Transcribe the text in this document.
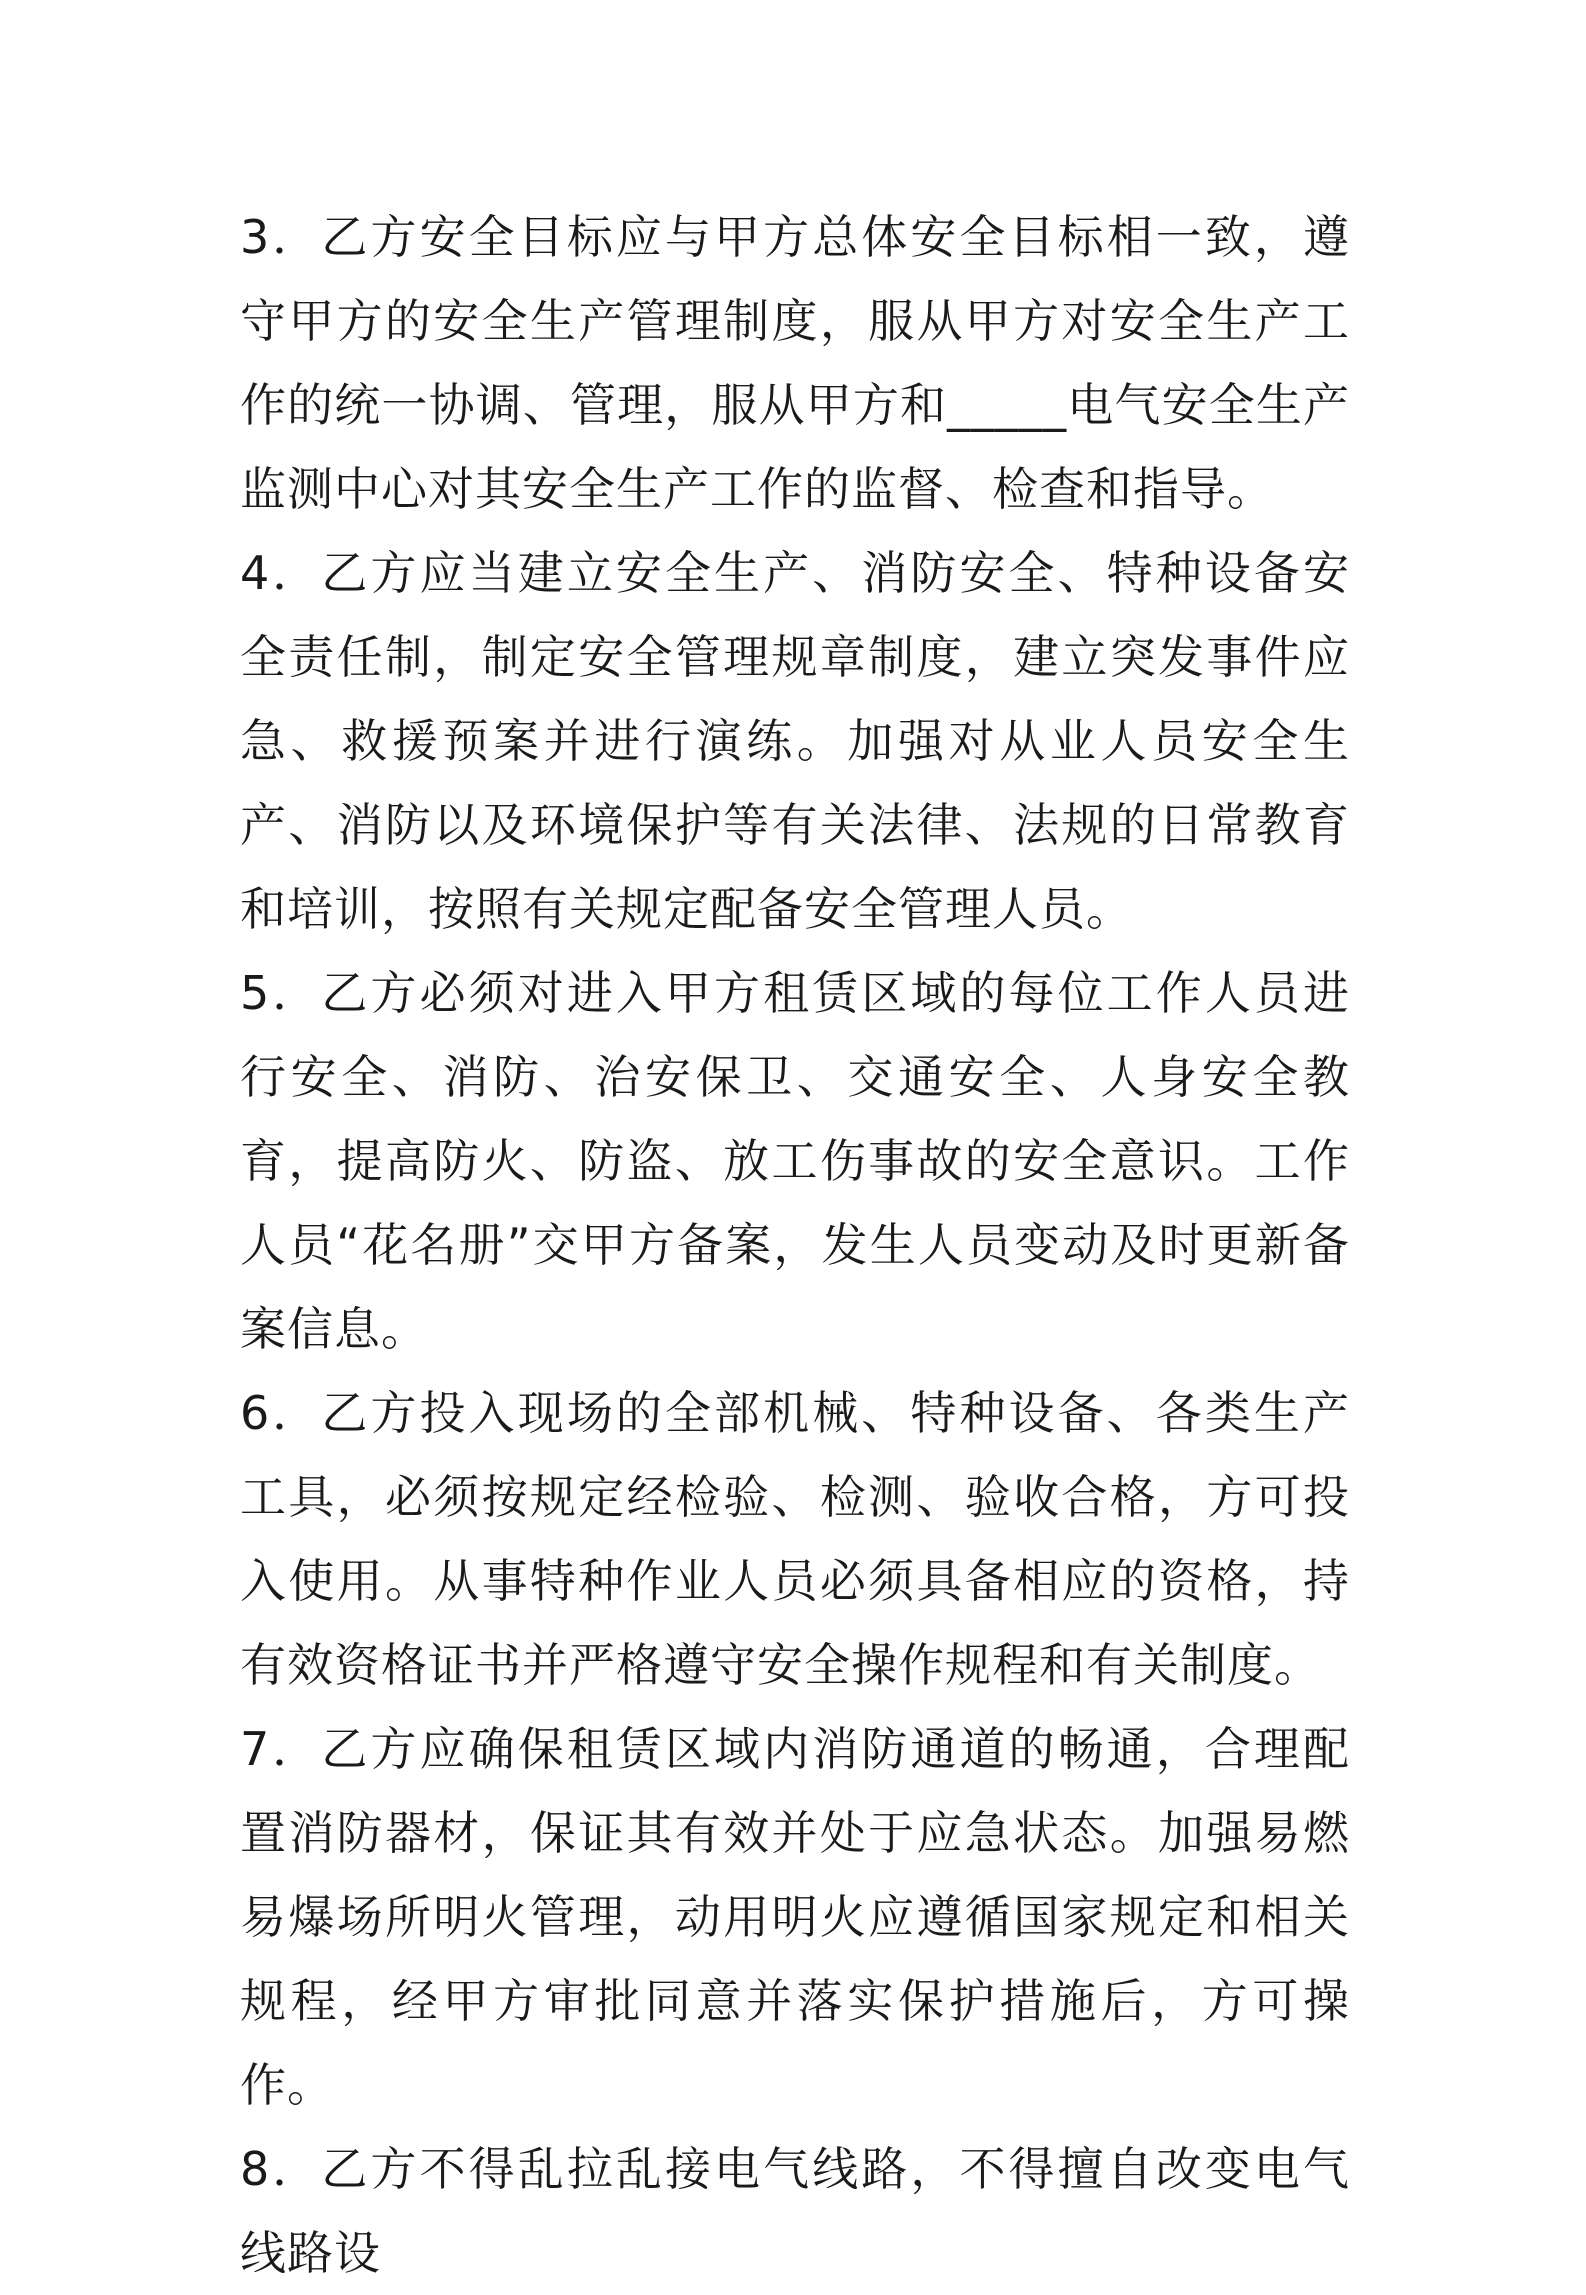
3．乙方安全目标应与甲方总体安全目标相一致，遵守甲方的安全生产管理制度，服从甲方对安全生产工作的统一协调、管理，服从甲方和_____电气安全生产监测中心对其安全生产工作的监督、检查和指导。

4．乙方应当建立安全生产、消防安全、特种设备安全责任制，制定安全管理规章制度，建立突发事件应急、救援预案并进行演练。加强对从业人员安全生产、消防以及环境保护等有关法律、法规的日常教育和培训，按照有关规定配备安全管理人员。

5．乙方必须对进入甲方租赁区域的每位工作人员进行安全、消防、治安保卫、交通安全、人身安全教育，提高防火、防盗、放工伤事故的安全意识。工作人员“花名册”交甲方备案，发生人员变动及时更新备案信息。

6．乙方投入现场的全部机械、特种设备、各类生产工具，必须按规定经检验、检测、验收合格，方可投入使用。从事特种作业人员必须具备相应的资格，持有效资格证书并严格遵守安全操作规程和有关制度。

7．乙方应确保租赁区域内消防通道的畅通，合理配置消防器材，保证其有效并处于应急状态。加强易燃易爆场所明火管理，动用明火应遵循国家规定和相关规程，经甲方审批同意并落实保护措施后，方可操作。

8．乙方不得乱拉乱接电气线路，不得擅自改变电气线路设
